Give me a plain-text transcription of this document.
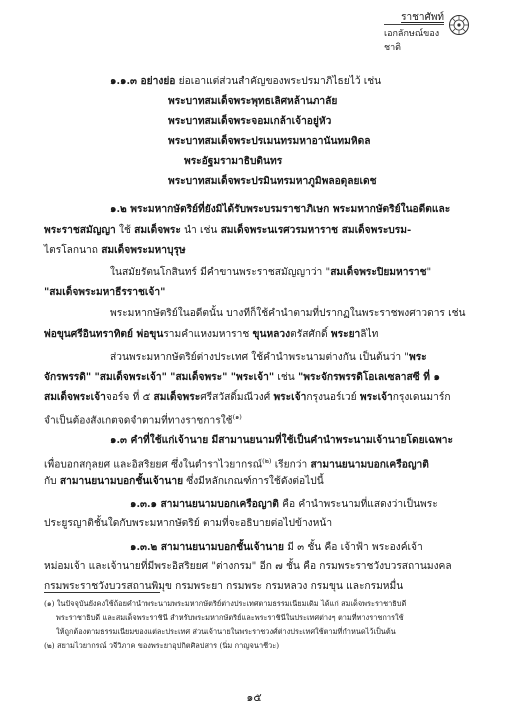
ราชาศัพท์
เอกลักษณ์ของชาติ
๑.๑.๓ อย่างย่อ ย่อเอาแต่ส่วนสำคัญของพระปรมาภิไธยไว้ เช่น
พระบาทสมเด็จพระพุทธเลิศหล้านภาลัย
พระบาทสมเด็จพระจอมเกล้าเจ้าอยู่หัว
พระบาทสมเด็จพระปรเมนทรมหาอานันทมหิดล
พระอัฐมรามาธิบดินทร
พระบาทสมเด็จพระปรมินทรมหาภูมิพลอดุลยเดช
๑.๒ พระมหากษัตริย์ที่ยังมิได้รับพระบรมราชาภิเษก พระมหากษัตริย์ในอดีตและ
พระราชสมัญญา ใช้ สมเด็จพระ นำ เช่น สมเด็จพระนเรศวรมหาราช สมเด็จพระบรม-
ไตรโลกนาถ สมเด็จพระมหาบุรุษ
ในสมัยรัตนโกสินทร์ มีคำขานพระราชสมัญญาว่า "สมเด็จพระปิยมหาราช"
"สมเด็จพระมหาธีรราชเจ้า"
พระมหากษัตริย์ในอดีตนั้น บางทีก็ใช้คำนำตามที่ปรากฏในพระราชพงศาวดาร เช่น
พ่อขุนศรีอินทราทิตย์ พ่อขุนรามคำแหงมหาราช ขุนหลวงตรัสศักดิ์ พระยาลิไท
ส่วนพระมหากษัตริย์ต่างประเทศ ใช้คำนำพระนามต่างกัน เป็นต้นว่า "พระ
จักรพรรดิ" "สมเด็จพระเจ้า" "สมเด็จพระ" "พระเจ้า" เช่น "พระจักรพรรดิโอเลเซลาสซี ที่ ๑
สมเด็จพระเจ้าจอร์จ ที่ ๕ สมเด็จพระศรีสวัสดิ์มณีวงศ์ พระเจ้ากรุงนอร์เวย์ พระเจ้ากรุงเดนมาร์ก
จำเป็นต้องสังเกตจดจำตามที่ทางราชการใช้$^{(๑)}$
๑.๓ คำที่ใช้แก่เจ้านาย มีสามานยนามที่ใช้เป็นคำนำพระนามเจ้านายโดยเฉพาะ
เพื่อบอกสกุลยศ และอิสริยยศ ซึ่งในตำราไวยากรณ์$^{(๒)}$ เรียกว่า สามานยนามบอกเครือญาติ
กับ สามานยนามบอกชั้นเจ้านาย ซึ่งมีหลักเกณฑ์การใช้ดังต่อไปนี้
๑.๓.๑ สามานยนามบอกเครือญาติ คือ คำนำพระนามที่แสดงว่าเป็นพระ
ประยูรญาติชั้นใดกับพระมหากษัตริย์ ตามที่จะอธิบายต่อไปข้างหน้า
๑.๓.๒ สามานยนามบอกชั้นเจ้านาย มี ๓ ชั้น คือ เจ้าฟ้า พระองค์เจ้า
หม่อมเจ้า และเจ้านายที่มีพระอิสริยยศ "ต่างกรม" อีก ๗ ชั้น คือ กรมพระราชวังบวรสถานมงคล
กรมพระราชวังบวรสถานพิมุข กรมพระยา กรมพระ กรมหลวง กรมขุน และกรมหมื่น
(๑) ในปัจจุบันยังคงใช้ถ้อยคำนำพระนามพระมหากษัตริย์ต่างประเทศตามธรรมเนียมเดิม ได้แก่ สมเด็จพระราชาธิบดี
พระราชาธิบดี และสมเด็จพระราชินี สำหรับพระมหากษัตริย์และพระราชินีในประเทศต่างๆ ตามที่ทางราชการใช้
ให้ถูกต้องตามธรรมเนียมของแต่ละประเทศ ส่วนเจ้านายในพระราชวงศ์ต่างประเทศใช้ตามที่กำหนดไว้เป็นต้น
(๒) สยามไวยากรณ์ วจีวิภาค ของพระยาอุปกิตศิลปสาร (นิ่ม กาญจนาชีวะ)
๑๕
